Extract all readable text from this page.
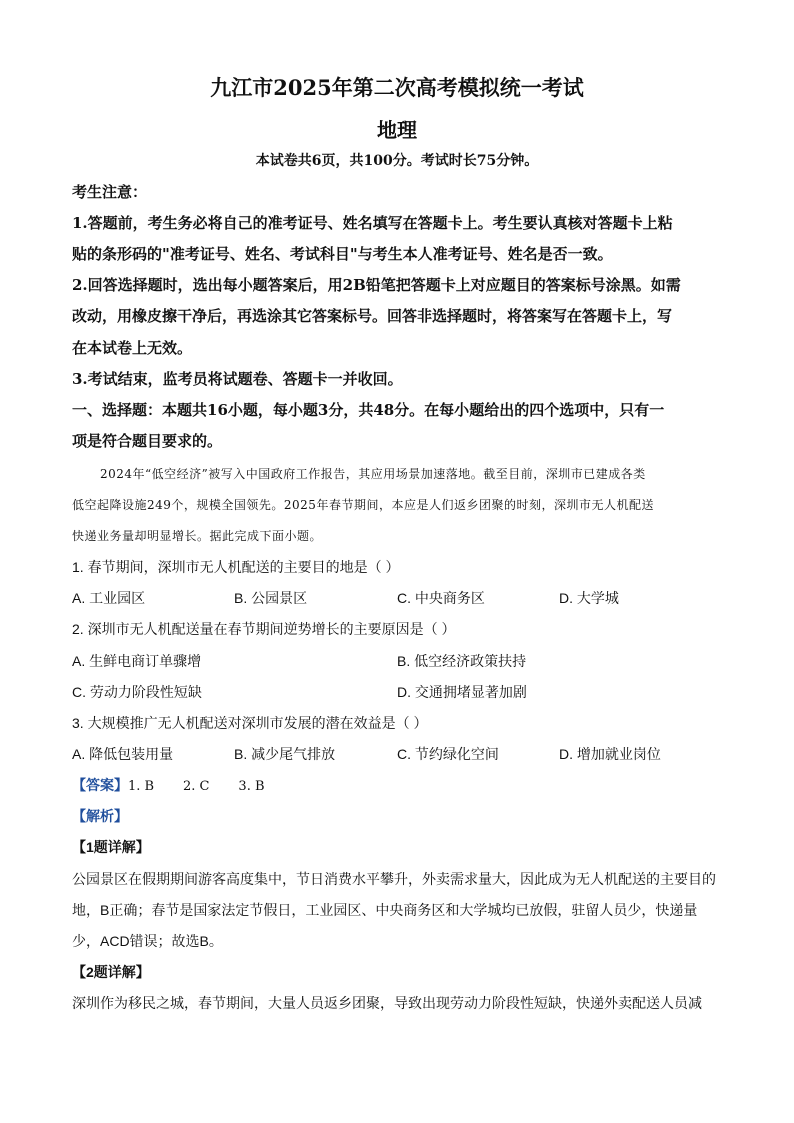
九江市2025年第二次高考模拟统一考试
地理
本试卷共6页，共100分。考试时长75分钟。
考生注意：
1.答题前，考生务必将自己的准考证号、姓名填写在答题卡上。考生要认真核对答题卡上粘
贴的条形码的"准考证号、姓名、考试科目"与考生本人准考证号、姓名是否一致。
2.回答选择题时，选出每小题答案后，用2B铅笔把答题卡上对应题目的答案标号涂黑。如需
改动，用橡皮擦干净后，再选涂其它答案标号。回答非选择题时，将答案写在答题卡上，写
在本试卷上无效。
3.考试结束，监考员将试题卷、答题卡一并收回。
一、选择题：本题共16小题，每小题3分，共48分。在每小题给出的四个选项中，只有一
项是符合题目要求的。
2024年“低空经济”被写入中国政府工作报告，其应用场景加速落地。截至目前，深圳市已建成各类
低空起降设施249个，规模全国领先。2025年春节期间，本应是人们返乡团聚的时刻，深圳市无人机配送
快递业务量却明显增长。据此完成下面小题。
1. 春节期间，深圳市无人机配送的主要目的地是（ ）
A. 工业园区	B. 公园景区	C. 中央商务区	D. 大学城
2. 深圳市无人机配送量在春节期间逆势增长的主要原因是（ ）
A. 生鲜电商订单骤增	B. 低空经济政策扶持
C. 劳动力阶段性短缺	D. 交通拥堵显著加剧
3. 大规模推广无人机配送对深圳市发展的潜在效益是（ ）
A. 降低包装用量	B. 减少尾气排放	C. 节约绿化空间	D. 增加就业岗位
【答案】1. B       2. C       3. B
【解析】
【1题详解】
公园景区在假期期间游客高度集中，节日消费水平攀升，外卖需求量大，因此成为无人机配送的主要目的
地，B正确；春节是国家法定节假日，工业园区、中央商务区和大学城均已放假，驻留人员少，快递量
少，ACD错误；故选B。
【2题详解】
深圳作为移民之城，春节期间，大量人员返乡团聚，导致出现劳动力阶段性短缺，快递外卖配送人员减
